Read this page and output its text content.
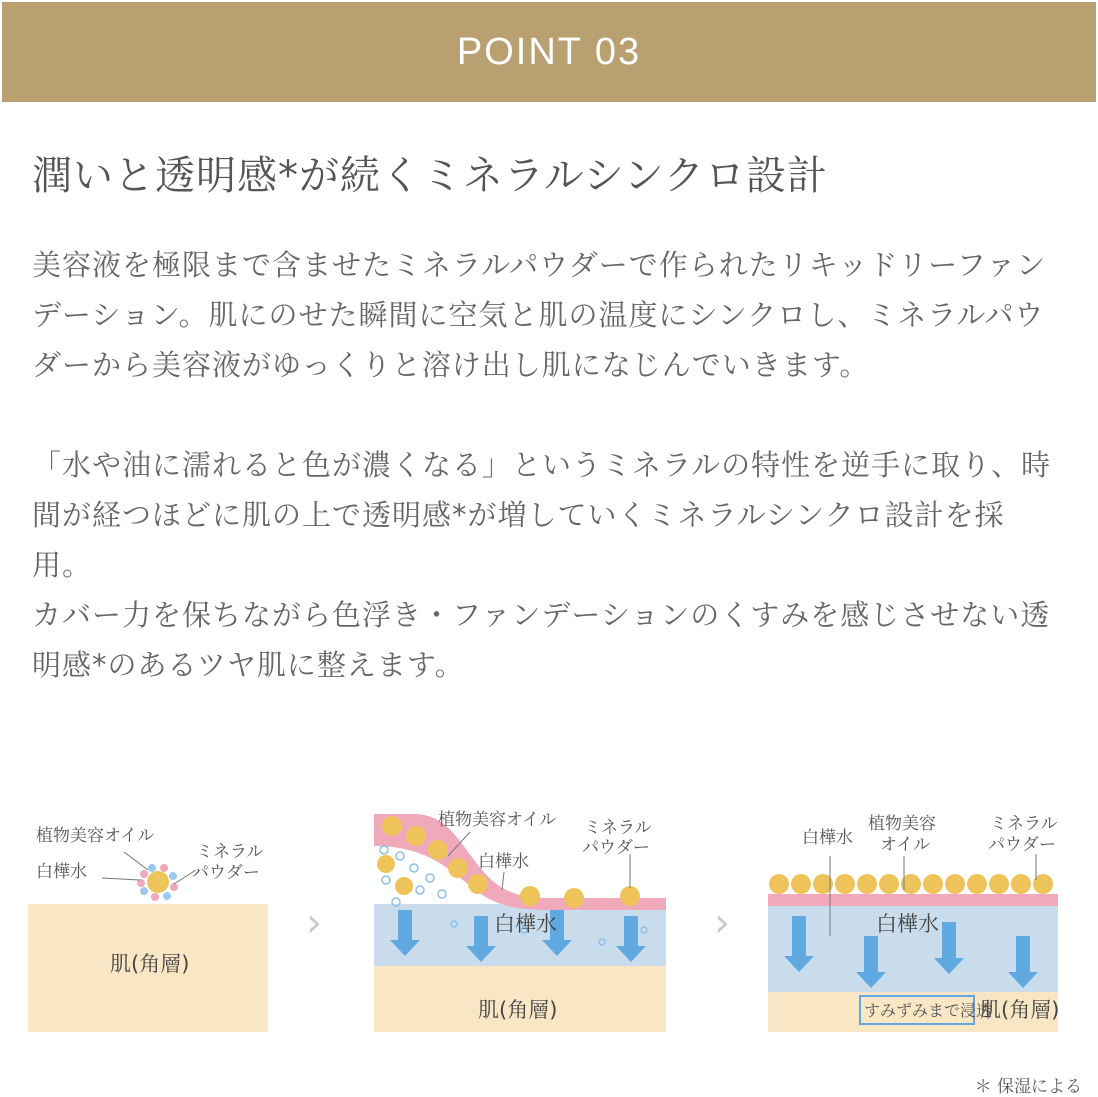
POINT 03
潤いと透明感*が続くミネラルシンクロ設計

美容液を極限まで含ませたミネラルパウダーで作られたリキッドリーファンデーション。肌にのせた瞬間に空気と肌の温度にシンクロし、ミネラルパウダーから美容液がゆっくりと溶け出し肌になじんでいきます。

「水や油に濡れると色が濃くなる」というミネラルの特性を逆手に取り、時間が経つほどに肌の上で透明感*が増していくミネラルシンクロ設計を採用。

カバー力を保ちながら色浮き・ファンデーションのくすみを感じさせない透明感*のあるツヤ肌に整えます。

植物美容オイル
ミネラル
パウダー
白樺水
肌(角層)
›
植物美容オイル ミネラル
パウダー
白樺水
白樺水
肌(角層)
›
白樺水
植物美容
オイル
ミネラル
パウダー
白樺水
すみずみまで浸透
肌(角層)
＊ 保湿による
